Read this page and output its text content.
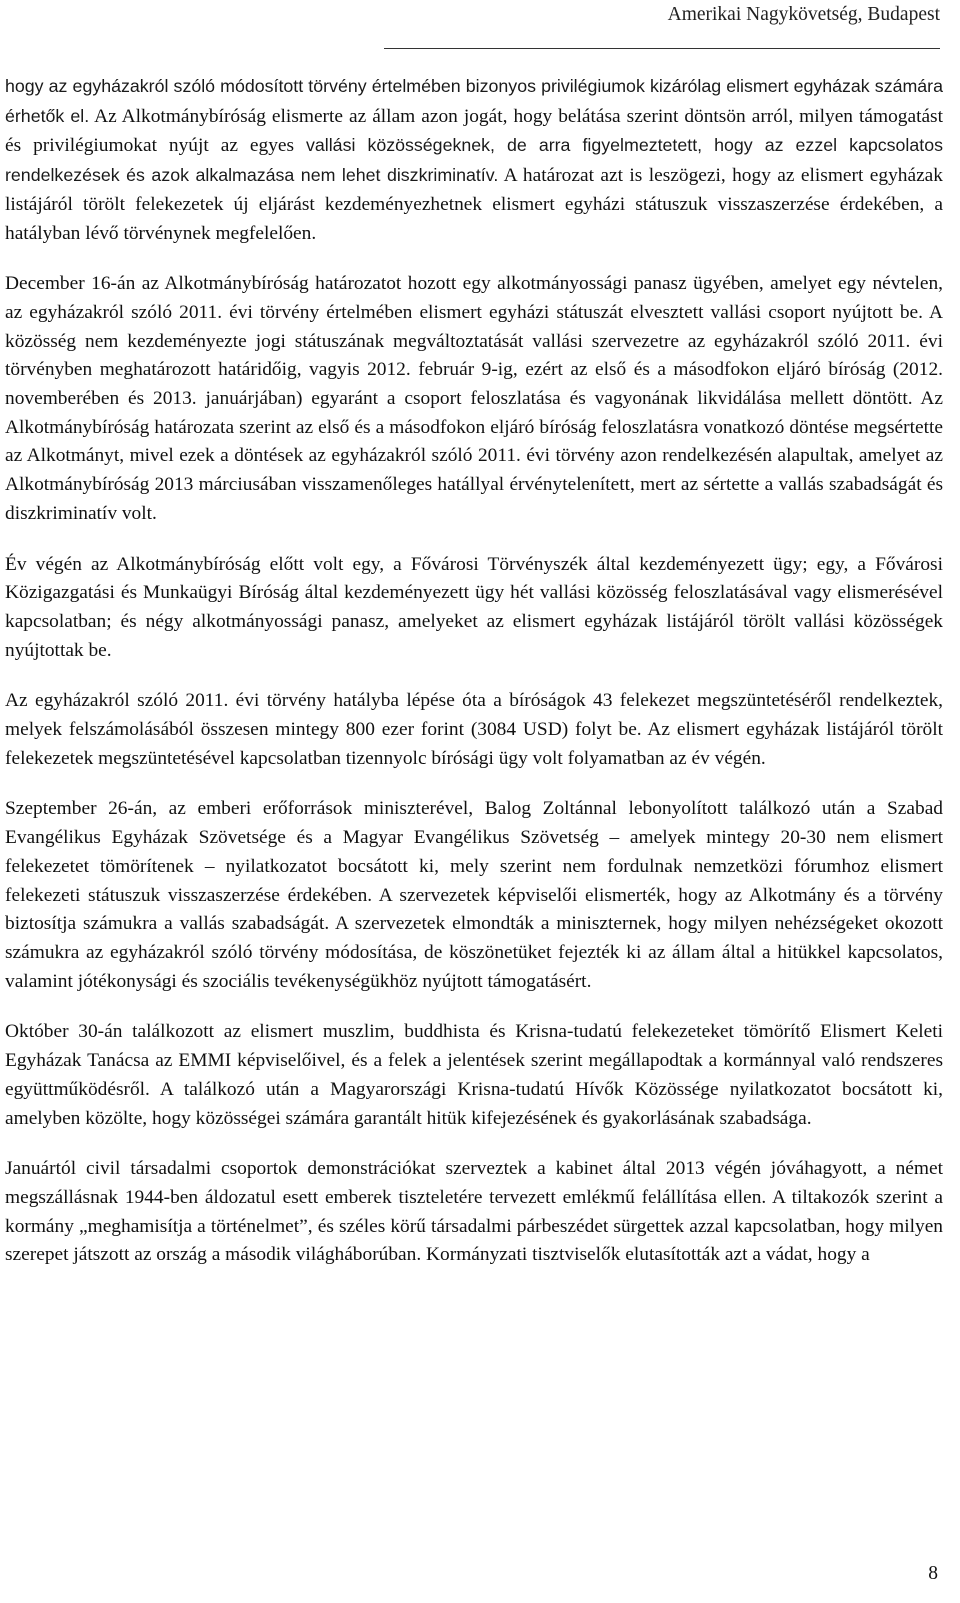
Amerikai Nagykövetség, Budapest

hogy az egyházakról szóló módosított törvény értelmében bizonyos privilégiumok kizárólag elismert egyházak számára érhetők el. Az Alkotmánybíróság elismerte az állam azon jogát, hogy belátása szerint döntsön arról, milyen támogatást és privilégiumokat nyújt az egyes vallási közösségeknek, de arra figyelmeztetett, hogy az ezzel kapcsolatos rendelkezések és azok alkalmazása nem lehet diszkriminatív. A határozat azt is leszögezi, hogy az elismert egyházak listájáról törölt felekezetek új eljárást kezdeményezhetnek elismert egyházi státuszuk visszaszerzése érdekében, a hatályban lévő törvénynek megfelelően.

December 16-án az Alkotmánybíróság határozatot hozott egy alkotmányossági panasz ügyében, amelyet egy névtelen, az egyházakról szóló 2011. évi törvény értelmében elismert egyházi státuszát elvesztett vallási csoport nyújtott be. A közösség nem kezdeményezte jogi státuszának megváltoztatását vallási szervezetre az egyházakról szóló 2011. évi törvényben meghatározott határidőig, vagyis 2012. február 9-ig, ezért az első és a másodfokon eljáró bíróság (2012. novemberében és 2013. januárjában) egyaránt a csoport feloszlatása és vagyonának likvidálása mellett döntött. Az Alkotmánybíróság határozata szerint az első és a másodfokon eljáró bíróság feloszlatásra vonatkozó döntése megsértette az Alkotmányt, mivel ezek a döntések az egyházakról szóló 2011. évi törvény azon rendelkezésén alapultak, amelyet az Alkotmánybíróság 2013 márciusában visszamenőleges hatállyal érvénytelenített, mert az sértette a vallás szabadságát és diszkriminatív volt.

Év végén az Alkotmánybíróság előtt volt egy, a Fővárosi Törvényszék által kezdeményezett ügy; egy, a Fővárosi Közigazgatási és Munkaügyi Bíróság által kezdeményezett ügy hét vallási közösség feloszlatásával vagy elismerésével kapcsolatban; és négy alkotmányossági panasz, amelyeket az elismert egyházak listájáról törölt vallási közösségek nyújtottak be.

Az egyházakról szóló 2011. évi törvény hatályba lépése óta a bíróságok 43 felekezet megszüntetéséről rendelkeztek, melyek felszámolásából összesen mintegy 800 ezer forint (3084 USD) folyt be. Az elismert egyházak listájáról törölt felekezetek megszüntetésével kapcsolatban tizennyolc bírósági ügy volt folyamatban az év végén.

Szeptember 26-án, az emberi erőforrások miniszterével, Balog Zoltánnal lebonyolított találkozó után a Szabad Evangélikus Egyházak Szövetsége és a Magyar Evangélikus Szövetség – amelyek mintegy 20-30 nem elismert felekezetet tömörítenek – nyilatkozatot bocsátott ki, mely szerint nem fordulnak nemzetközi fórumhoz elismert felekezeti státuszuk visszaszerzése érdekében. A szervezetek képviselői elismerték, hogy az Alkotmány és a törvény biztosítja számukra a vallás szabadságát. A szervezetek elmondták a miniszternek, hogy milyen nehézségeket okozott számukra az egyházakról szóló törvény módosítása, de köszönetüket fejezték ki az állam által a hitükkel kapcsolatos, valamint jótékonysági és szociális tevékenységükhöz nyújtott támogatásért.

Október 30-án találkozott az elismert muszlim, buddhista és Krisna-tudatú felekezeteket tömörítő Elismert Keleti Egyházak Tanácsa az EMMI képviselőivel, és a felek a jelentések szerint megállapodtak a kormánnyal való rendszeres együttműködésről. A találkozó után a Magyarországi Krisna-tudatú Hívők Közössége nyilatkozatot bocsátott ki, amelyben közölte, hogy közösségei számára garantált hitük kifejezésének és gyakorlásának szabadsága.

Januártól civil társadalmi csoportok demonstrációkat szerveztek a kabinet által 2013 végén jóváhagyott, a német megszállásnak 1944-ben áldozatul esett emberek tiszteletére tervezett emlékmű felállítása ellen. A tiltakozók szerint a kormány „meghamisítja a történelmet”, és széles körű társadalmi párbeszédet sürgettek azzal kapcsolatban, hogy milyen szerepet játszott az ország a második világháborúban. Kormányzati tisztviselők elutasították azt a vádat, hogy a

8
